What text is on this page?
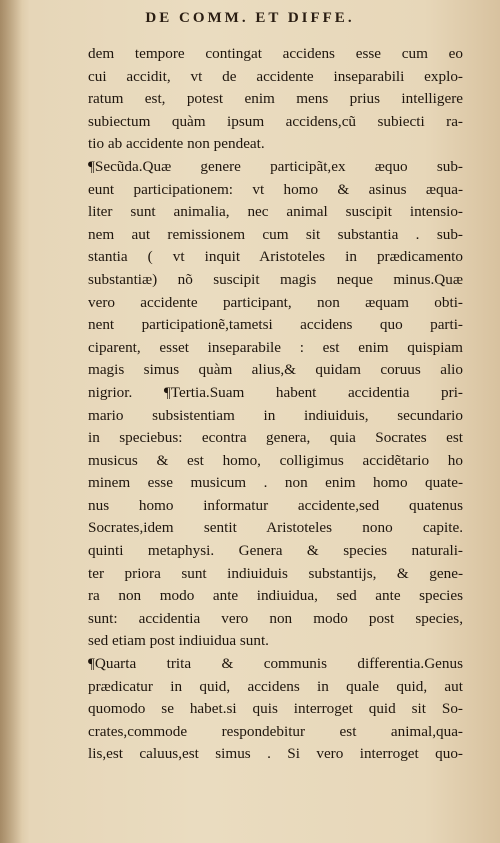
DE COMM. ET DIFFE.
dem tempore contingat accidens esse cum eo
cui accidit, vt de accidente inseparabili explo-
ratum est, potest enim mens prius intelligere
subiectum quàm ipsum accidens,cũ subiecti ra-
tio ab accidente non pendeat.
¶Secũda.Quæ genere participãt,ex æquo sub-
eunt participationem: vt homo & asinus æqua-
liter sunt animalia, nec animal suscipit intensio-
nem aut remissionem cum sit substantia . sub-
stantia ( vt inquit Aristoteles in prædicamento
substantiæ) nõ suscipit magis neque minus.Quæ
vero accidente participant, non æquam obti-
nent participationẽ,tametsi accidens quo parti-
ciparent, esset inseparabile : est enim quispiam
magis simus quàm alius,& quidam coruus alio
nigrior. ¶Tertia.Suam habent accidentia pri-
mario subsistentiam in indiuiduis, secundario
in speciebus: econtra genera, quia Socrates est
musicus & est homo, colligimus accidẽtario ho
minem esse musicum . non enim homo quate-
nus homo informatur accidente,sed quatenus
Socrates,idem sentit Aristoteles nono capite.
quinti metaphysi. Genera & species naturali-
ter priora sunt indiuiduis substantijs, & gene-
ra non modo ante indiuidua, sed ante species
sunt: accidentia vero non modo post species,
sed etiam post indiuidua sunt.
¶Quarta trita & communis differentia.Genus
prædicatur in quid, accidens in quale quid, aut
quomodo se habet.si quis interroget quid sit So-
crates,commode respondebitur est animal,qua-
lis,est caluus,est simus . Si vero interroget quo-
